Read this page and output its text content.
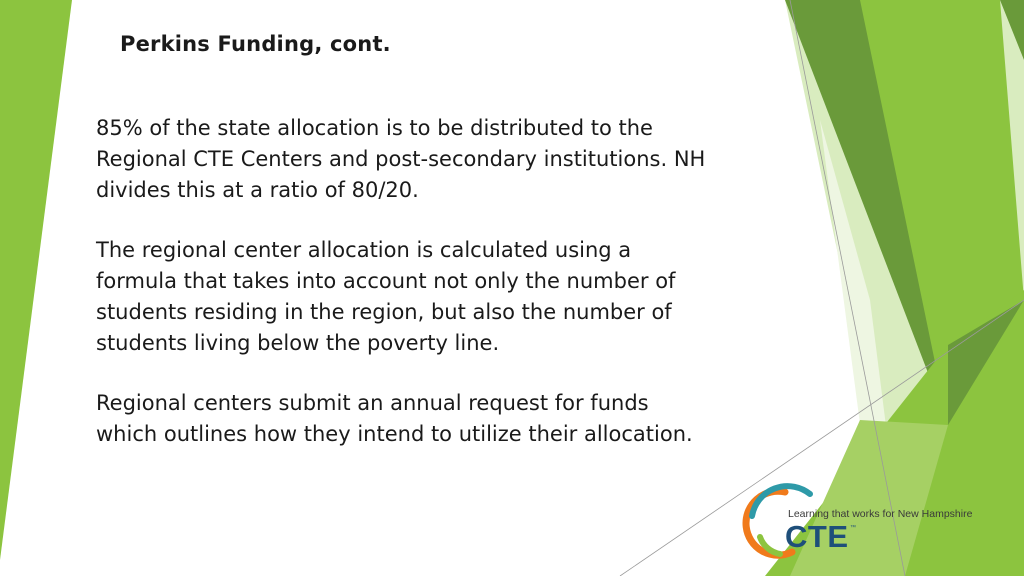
Perkins Funding, cont.

85% of the state allocation is to be distributed to the Regional CTE Centers and post-secondary institutions. NH divides this at a ratio of 80/20.

The regional center allocation is calculated using a formula that takes into account not only the number of students residing in the region, but also the number of students living below the poverty line.

Regional centers submit an annual request for funds which outlines how they intend to utilize their allocation.

Learning that works for New Hampshire
CTE ™
